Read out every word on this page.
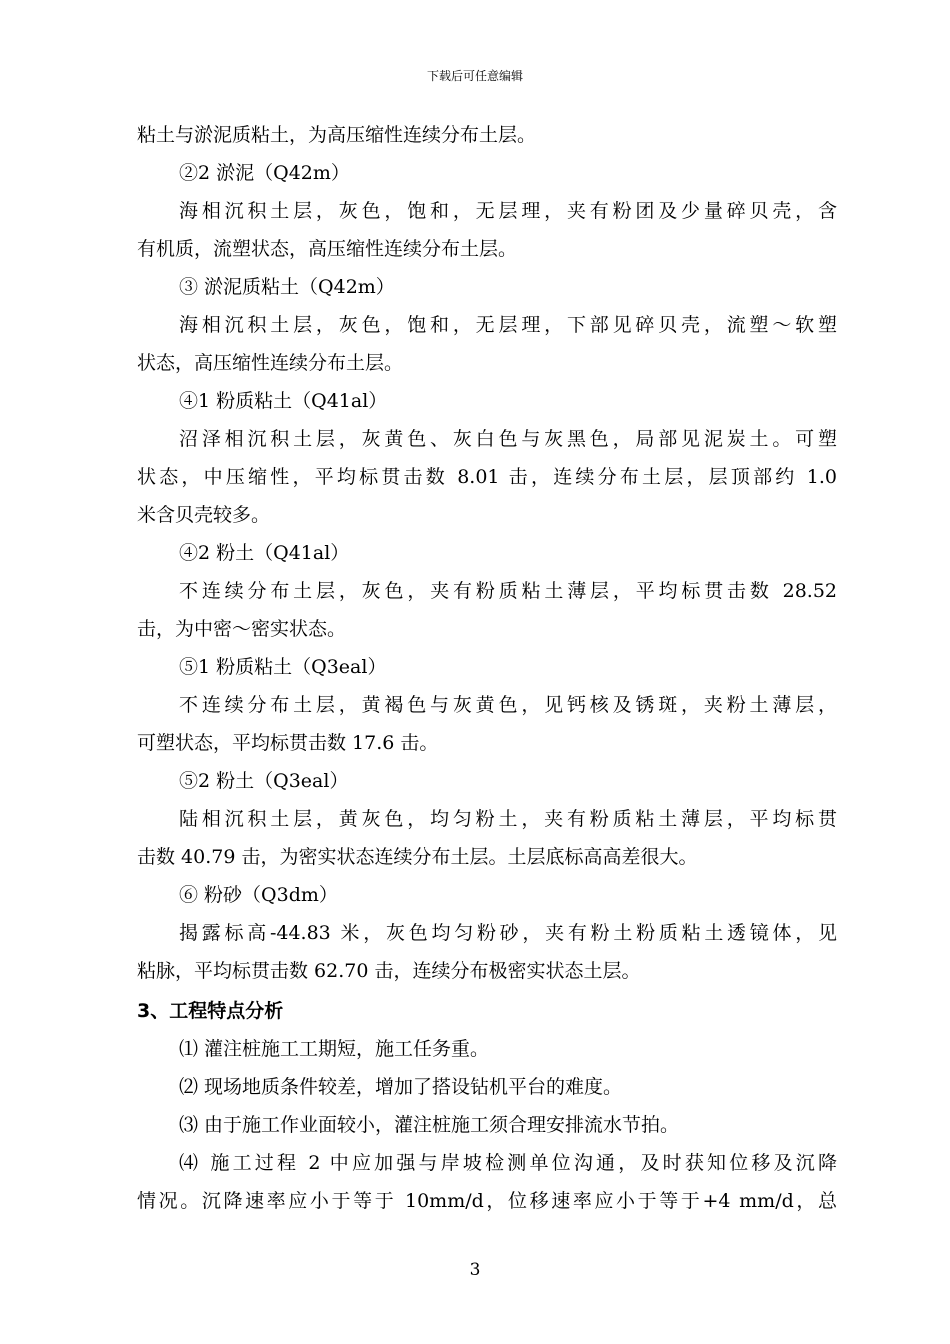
下载后可任意编辑
粘土与淤泥质粘土，为高压缩性连续分布土层。
②2 淤泥（Q42m）
海相沉积土层，灰色，饱和，无层理，夹有粉团及少量碎贝壳，含
有机质，流塑状态，高压缩性连续分布土层。
③ 淤泥质粘土（Q42m）
海相沉积土层，灰色，饱和，无层理，下部见碎贝壳，流塑～软塑
状态，高压缩性连续分布土层。
④1 粉质粘土（Q41al）
沼泽相沉积土层，灰黄色、灰白色与灰黑色，局部见泥炭土。可塑
状态，中压缩性，平均标贯击数 8.01 击，连续分布土层，层顶部约 1.0
米含贝壳较多。
④2 粉土（Q41al）
不连续分布土层，灰色，夹有粉质粘土薄层，平均标贯击数 28.52
击，为中密～密实状态。
⑤1 粉质粘土（Q3eal）
不连续分布土层，黄褐色与灰黄色，见钙核及锈斑，夹粉土薄层，
可塑状态，平均标贯击数 17.6 击。
⑤2 粉土（Q3eal）
陆相沉积土层，黄灰色，均匀粉土，夹有粉质粘土薄层，平均标贯
击数 40.79 击，为密实状态连续分布土层。土层底标高高差很大。
⑥ 粉砂（Q3dm）
揭露标高-44.83 米，灰色均匀粉砂，夹有粉土粉质粘土透镜体，见
粘脉，平均标贯击数 62.70 击，连续分布极密实状态土层。
3、工程特点分析
⑴ 灌注桩施工工期短，施工任务重。
⑵ 现场地质条件较差，增加了搭设钻机平台的难度。
⑶ 由于施工作业面较小，灌注桩施工须合理安排流水节拍。
⑷ 施工过程 2 中应加强与岸坡检测单位沟通，及时获知位移及沉降
情况。沉降速率应小于等于 10mm/d，位移速率应小于等于+4 mm/d，总
3
